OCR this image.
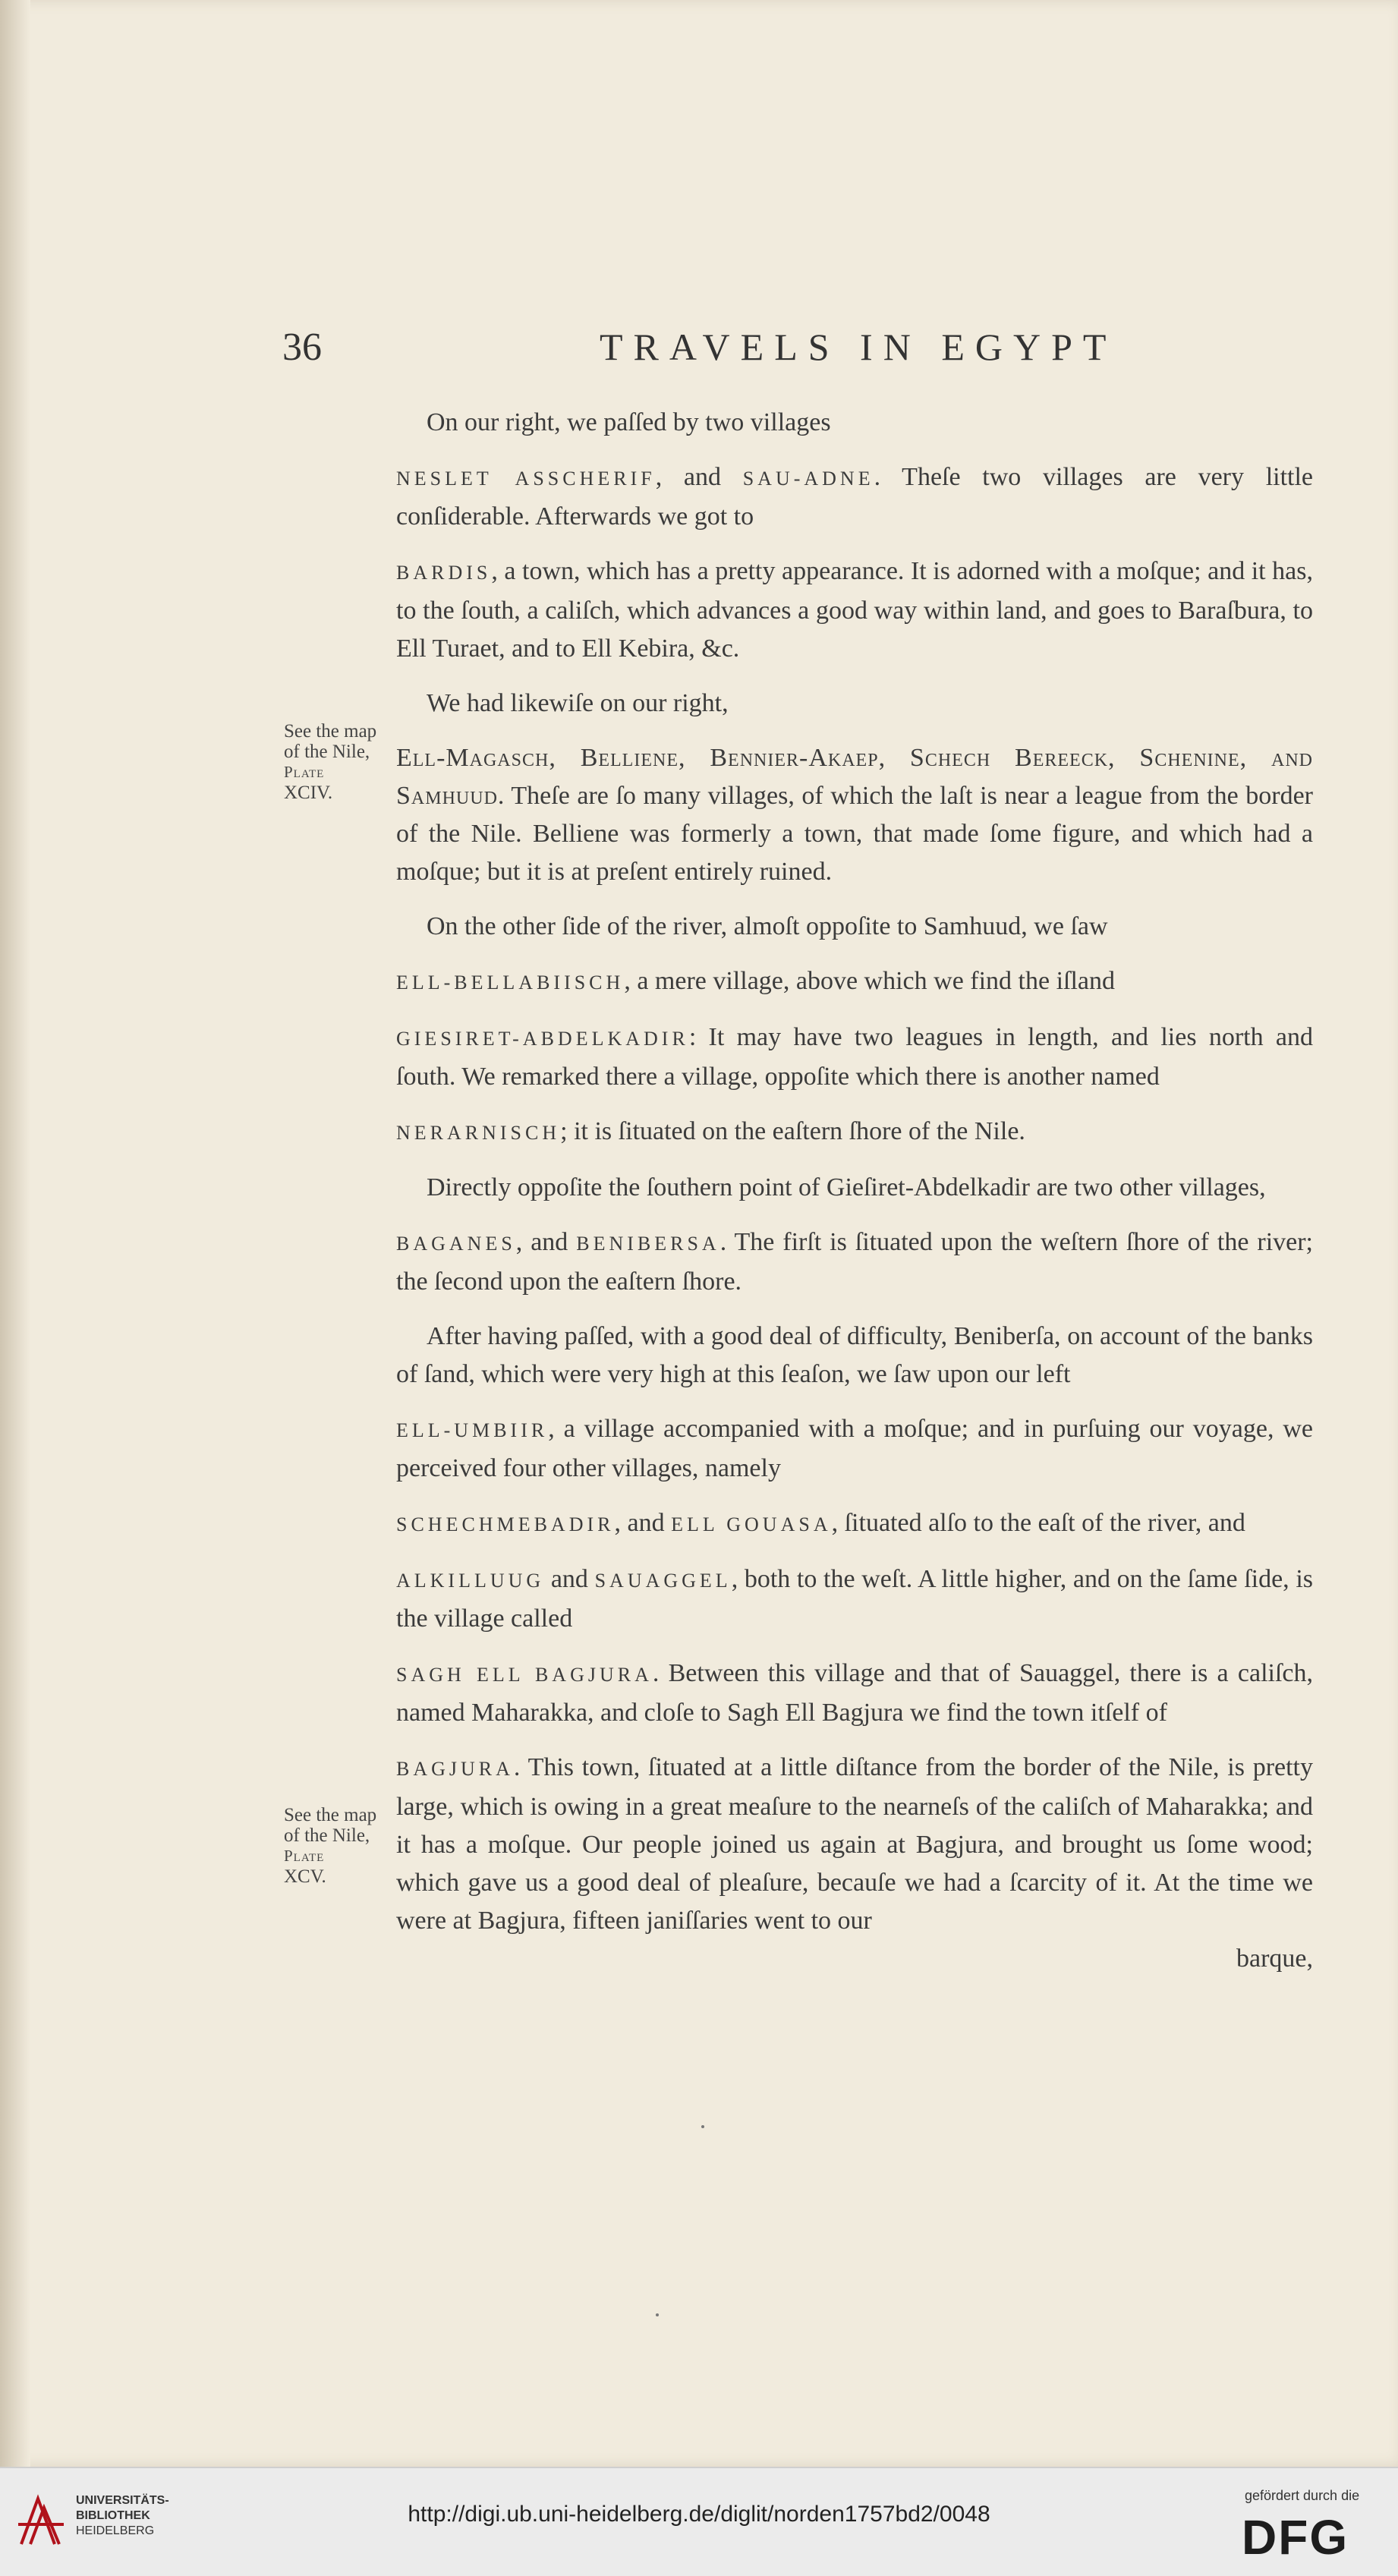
36	TRAVELS IN EGYPT
See the map
of the Nile,
Plate
XCIV.
See the map
of the Nile,
Plate
XCV.

On our right, we paſſed by two villages

NESLET ASSCHERIF, and SAU-ADNE. Theſe two villages are very little conſiderable. Afterwards we got to

BARDIS, a town, which has a pretty appearance. It is adorned with a moſque; and it has, to the ſouth, a caliſch, which advances a good way within land, and goes to Baraſbura, to Ell Turaet, and to Ell Kebira, &c.

We had likewiſe on our right,

Ell-Magasch, Belliene, Bennier-Akaep, Schech Bereeck, Schenine, and Samhuud. Theſe are ſo many villages, of which the laſt is near a league from the border of the Nile. Belliene was formerly a town, that made ſome figure, and which had a moſque; but it is at preſent entirely ruined.

On the other ſide of the river, almoſt oppoſite to Samhuud, we ſaw

ELL-BELLABIISCH, a mere village, above which we find the iſland

GIESIRET-ABDELKADIR: It may have two leagues in length, and lies north and ſouth. We remarked there a village, oppoſite which there is another named

NERARNISCH; it is ſituated on the eaſtern ſhore of the Nile.

Directly oppoſite the ſouthern point of Gieſiret-Abdelkadir are two other villages,

BAGANES, and BENIBERSA. The firſt is ſituated upon the weſtern ſhore of the river; the ſecond upon the eaſtern ſhore.

After having paſſed, with a good deal of difficulty, Beniberſa, on account of the banks of ſand, which were very high at this ſeaſon, we ſaw upon our left

ELL-UMBIIR, a village accompanied with a moſque; and in purſuing our voyage, we perceived four other villages, namely

SCHECHMEBADIR, and ELL GOUASA, ſituated alſo to the eaſt of the river, and

ALKILLUUG and SAUAGGEL, both to the weſt. A little higher, and on the ſame ſide, is the village called

SAGH ELL BAGJURA. Between this village and that of Sauaggel, there is a caliſch, named Maharakka, and cloſe to Sagh Ell Bagjura we find the town itſelf of

BAGJURA. This town, ſituated at a little diſtance from the border of the Nile, is pretty large, which is owing in a great meaſure to the nearneſs of the caliſch of Maharakka; and it has a moſque. Our people joined us again at Bagjura, and brought us ſome wood; which gave us a good deal of pleaſure, becauſe we had a ſcarcity of it. At the time we were at Bagjura, fifteen janiſſaries went to our

barque,

UNIVERSITÄTS-
BIBLIOTHEK
HEIDELBERG
http://digi.ub.uni-heidelberg.de/diglit/norden1757bd2/0048
gefördert durch die
DFG
